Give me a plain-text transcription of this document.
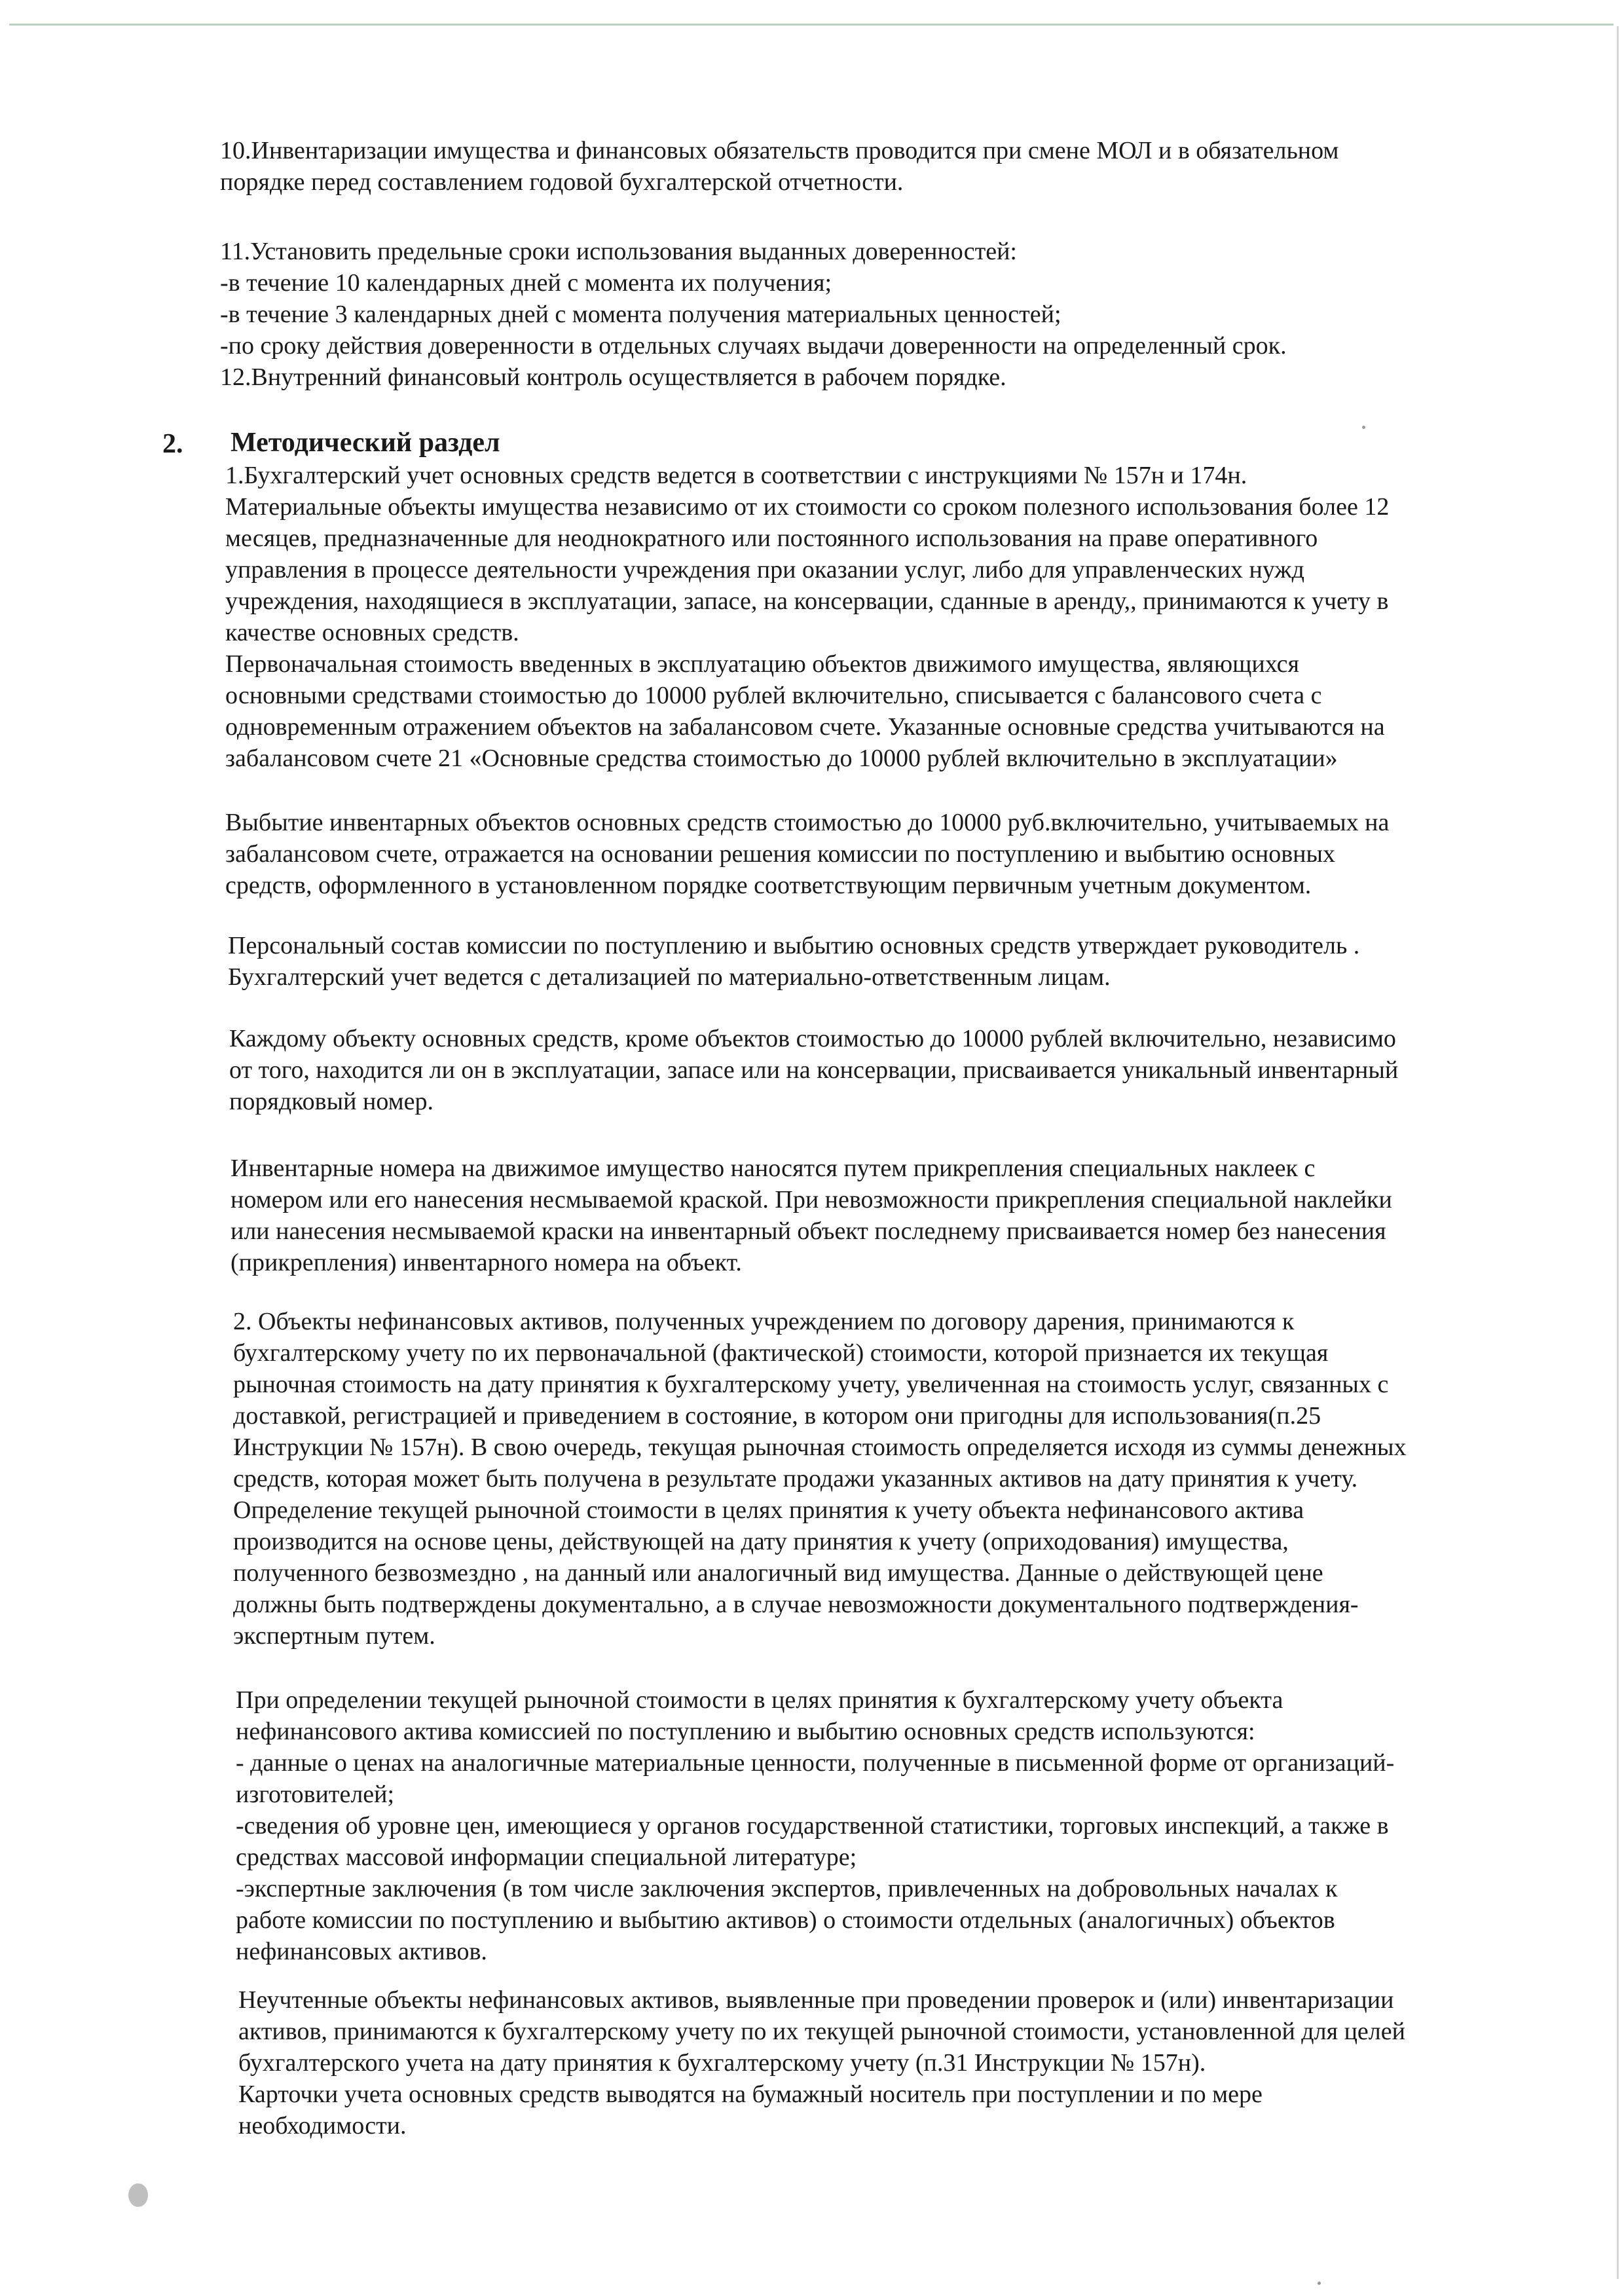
10.Инвентаризации имущества и финансовых обязательств проводится при смене МОЛ и в обязательном
порядке перед составлением годовой бухгалтерской отчетности.
11.Установить предельные сроки использования выданных доверенностей:
-в течение 10 календарных дней с момента их получения;
-в течение 3 календарных дней с момента получения материальных ценностей;
-по сроку действия доверенности в отдельных случаях выдачи доверенности на определенный срок.
12.Внутренний финансовый контроль осуществляется в рабочем порядке.
2. Методический раздел
1.Бухгалтерский учет основных средств ведется в соответствии с инструкциями № 157н и 174н.
Материальные объекты имущества независимо от их стоимости со сроком полезного использования более 12
месяцев, предназначенные для неоднократного или постоянного использования на праве оперативного
управления в процессе деятельности учреждения при оказании услуг, либо для управленческих нужд
учреждения, находящиеся в эксплуатации, запасе, на консервации, сданные в аренду,, принимаются к учету в
качестве основных средств.
Первоначальная стоимость введенных в эксплуатацию объектов движимого имущества, являющихся
основными средствами стоимостью до 10000 рублей включительно, списывается с балансового счета с
одновременным отражением объектов на забалансовом счете. Указанные основные средства учитываются на
забалансовом счете 21 «Основные средства стоимостью до 10000 рублей включительно в эксплуатации»
Выбытие инвентарных объектов основных средств стоимостью до 10000 руб.включительно, учитываемых на
забалансовом счете, отражается на основании решения комиссии по поступлению и выбытию основных
средств, оформленного в установленном порядке соответствующим первичным учетным документом.
Персональный состав комиссии по поступлению и выбытию основных средств утверждает руководитель .
Бухгалтерский учет ведется с детализацией по материально-ответственным лицам.
Каждому объекту основных средств, кроме объектов стоимостью до 10000 рублей включительно, независимо
от того, находится ли он в эксплуатации, запасе или на консервации, присваивается уникальный инвентарный
порядковый номер.
Инвентарные номера на движимое имущество наносятся путем прикрепления специальных наклеек с
номером или его нанесения несмываемой краской. При невозможности прикрепления специальной наклейки
или нанесения несмываемой краски на инвентарный объект последнему присваивается номер без нанесения
(прикрепления) инвентарного номера на объект.
2. Объекты нефинансовых активов, полученных учреждением по договору дарения, принимаются к
бухгалтерскому учету по их первоначальной (фактической) стоимости, которой признается их текущая
рыночная стоимость на дату принятия к бухгалтерскому учету, увеличенная на стоимость услуг, связанных с
доставкой, регистрацией и приведением в состояние, в котором они пригодны для использования(п.25
Инструкции № 157н). В свою очередь, текущая рыночная стоимость определяется исходя из суммы денежных
средств, которая может быть получена в результате продажи указанных активов на дату принятия к учету.
Определение текущей рыночной стоимости в целях принятия к учету объекта нефинансового актива
производится на основе цены, действующей на дату принятия к учету (оприходования) имущества,
полученного безвозмездно , на данный или аналогичный вид имущества. Данные о действующей цене
должны быть подтверждены документально, а в случае невозможности документального подтверждения-
экспертным путем.
При определении текущей рыночной стоимости в целях принятия к бухгалтерскому учету объекта
нефинансового актива комиссией по поступлению и выбытию основных средств используются:
- данные о ценах на аналогичные материальные ценности, полученные в письменной форме от организаций-
изготовителей;
-сведения об уровне цен, имеющиеся у органов государственной статистики, торговых инспекций, а также в
средствах массовой информации специальной литературе;
-экспертные заключения (в том числе заключения экспертов, привлеченных на добровольных началах к
работе комиссии по поступлению и выбытию активов) о стоимости отдельных (аналогичных) объектов
нефинансовых активов.
Неучтенные объекты нефинансовых активов, выявленные при проведении проверок и (или) инвентаризации
активов, принимаются к бухгалтерскому учету по их текущей рыночной стоимости, установленной для целей
бухгалтерского учета на дату принятия к бухгалтерскому учету (п.31 Инструкции № 157н).
Карточки учета основных средств выводятся на бумажный носитель при поступлении и по мере
необходимости.
